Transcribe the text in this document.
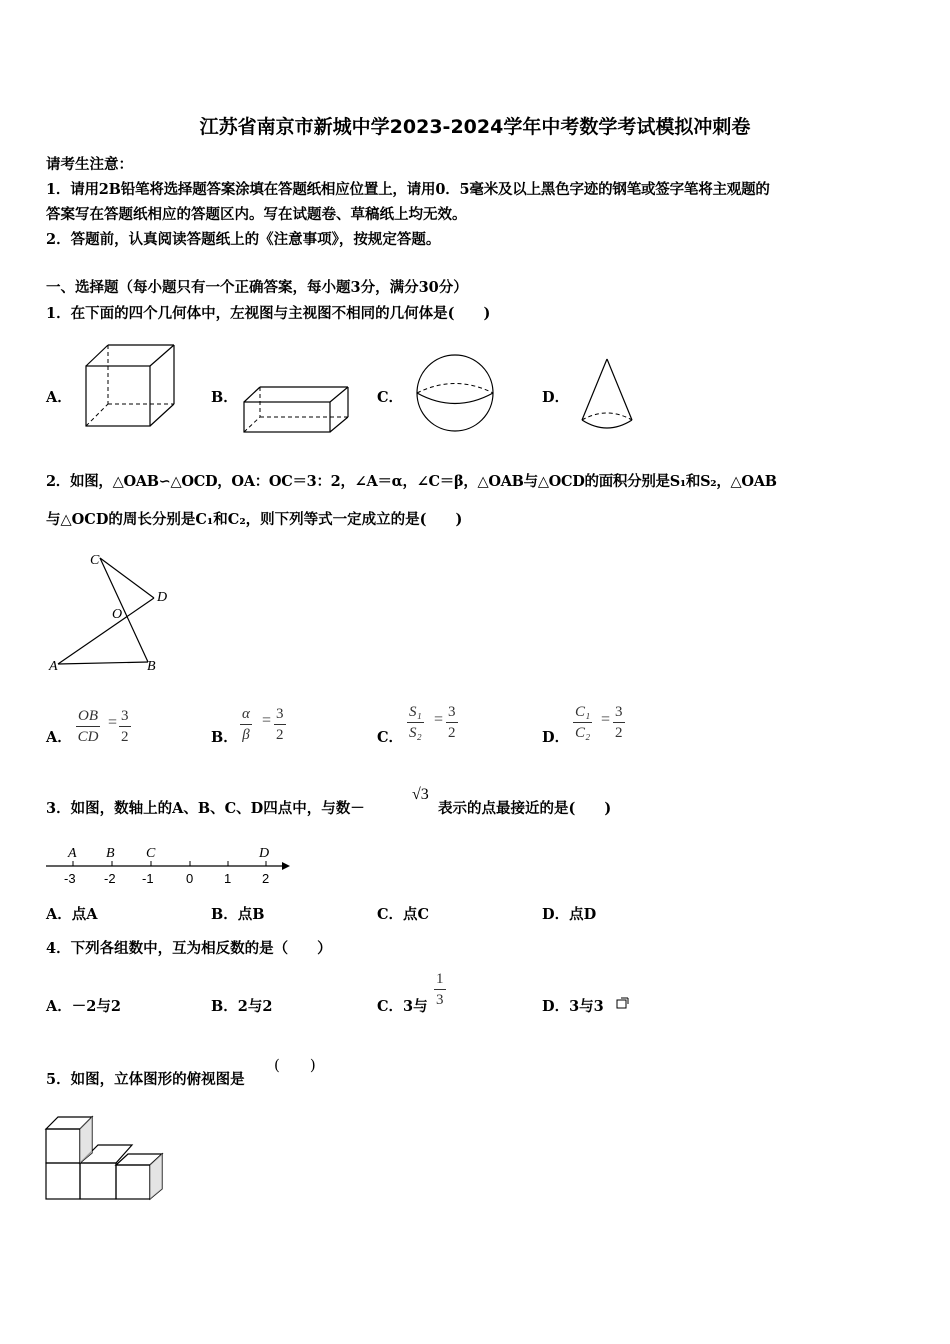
江苏省南京市新城中学2023-2024学年中考数学考试模拟冲刺卷
请考生注意：
1．请用2B铅笔将选择题答案涂填在答题纸相应位置上，请用0．5毫米及以上黑色字迹的钢笔或签字笔将主观题的
答案写在答题纸相应的答题区内。写在试题卷、草稿纸上均无效。
2．答题前，认真阅读答题纸上的《注意事项》，按规定答题。
一、选择题（每小题只有一个正确答案，每小题3分，满分30分）
1．在下面的四个几何体中，左视图与主视图不相同的几何体是(　　)
A．	B．	C．	D．
2．如图，△OAB∽△OCD，OA：OC＝3：2，∠A＝α，∠C＝β，△OAB与△OCD的面积分别是S₁和S₂，△OAB
与△OCD的周长分别是C₁和C₂，则下列等式一定成立的是(　　)
C
O
D
A	B
A． $\frac{OB}{CD} = \frac{3}{2}$	B． $\frac{\alpha}{\beta} = \frac{3}{2}$	C． $\frac{\text{S₁}}{\text{S₂}} = \frac{3}{2}$	D． $\frac{\text{C₁}}{\text{C₂}} = \frac{3}{2}$
3．如图，数轴上的A、B、C、D四点中，与数－
√3
表示的点最接近的是(　　)
A B C	D
-3 -2 -1 0 1 2
A．点A	B．点B	C．点C	D．点D
4．下列各组数中，互为相反数的是（　　）
A．－2与2	B．2与2	C．3与 $\frac{1}{3}$	D．3与3
5．如图，立体图形的俯视图是
(　　)
